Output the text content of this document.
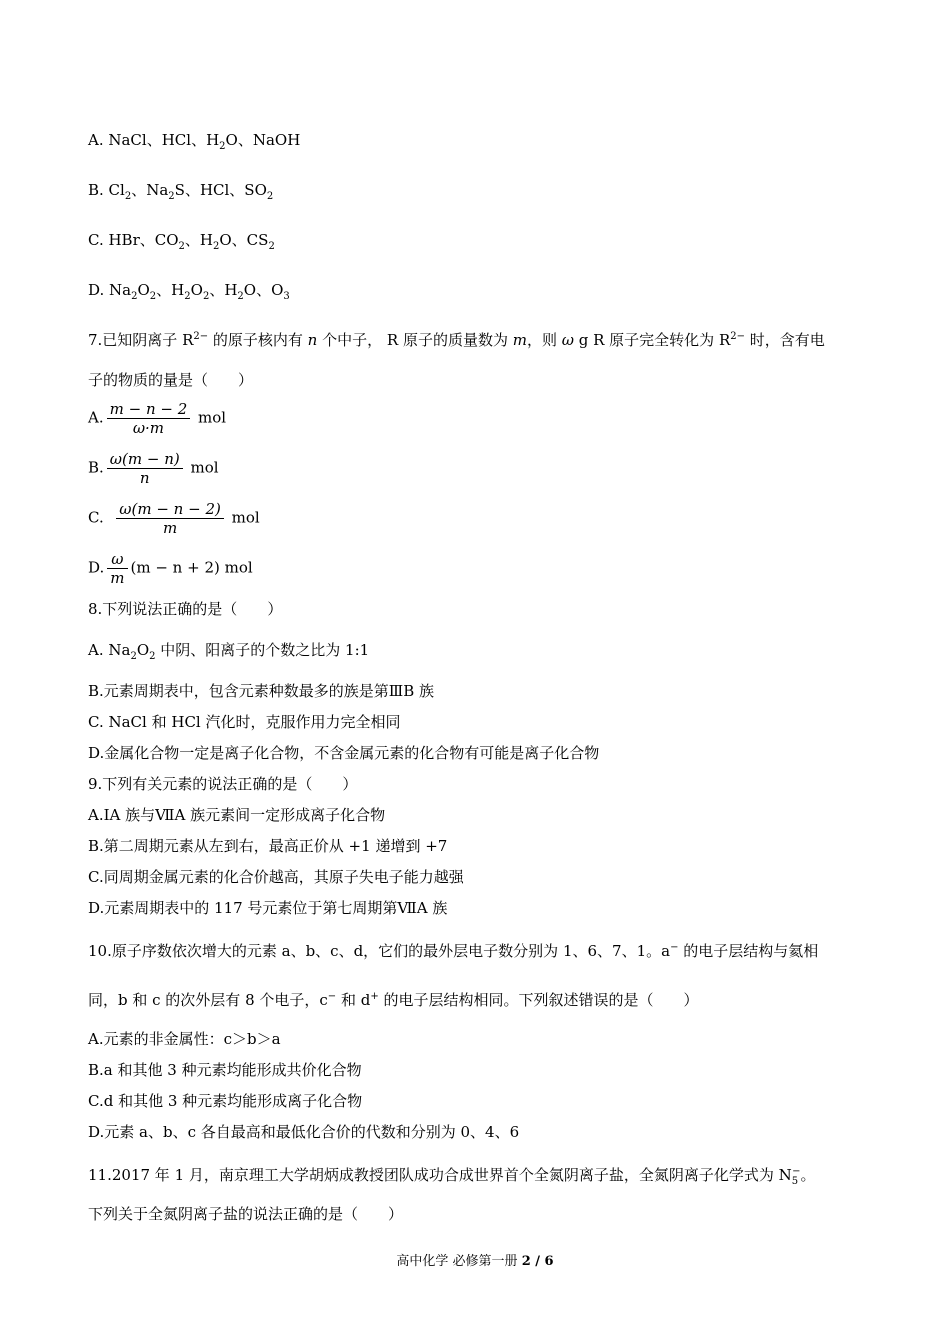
A. NaCl、HCl、$H_2O$、NaOH
B. $Cl_2$、$Na_2S$、HCl、$SO_2$
C. HBr、$CO_2$、$H_2O$、$CS_2$
D. $Na_2O_2$、$H_2O_2$、$H_2O$、$O_3$
7.已知阴离子 $R^{2-}$ 的原子核内有 n 个中子， R 原子的质量数为 m，则 ω g R 原子完全转化为 $R^{2-}$ 时，含有电
子的物质的量是（　　）
A. $\frac{m - n - 2}{\omega\cdot m}$ mol
B. $\frac{\omega(m - n)}{n}$ mol
C. $\frac{\omega(m - n - 2)}{m}$ mol
D. $\frac{\omega}{m} (m - n + 2)$ mol
8.下列说法正确的是（　　）
A. $Na_2O_2$ 中阴、阳离子的个数之比为 1:1
B.元素周期表中，包含元素种数最多的族是第ⅢB 族
C. NaCl 和 HCl 汽化时，克服作用力完全相同
D.金属化合物一定是离子化合物，不含金属元素的化合物有可能是离子化合物
9.下列有关元素的说法正确的是（　　）
A.ⅠA 族与ⅦA 族元素间一定形成离子化合物
B.第二周期元素从左到右，最高正价从 +1 递增到 +7
C.同周期金属元素的化合价越高，其原子失电子能力越强
D.元素周期表中的 117 号元素位于第七周期第ⅦA 族
10.原子序数依次增大的元素 a、b、c、d，它们的最外层电子数分别为 1、6、7、1。a− 的电子层结构与氦相
同，b 和 c 的次外层有 8 个电子，c− 和 d+ 的电子层结构相同。下列叙述错误的是（　　）
A.元素的非金属性：c＞b＞a
B.a 和其他 3 种元素均能形成共价化合物
C.d 和其他 3 种元素均能形成离子化合物
D.元素 a、b、c 各自最高和最低化合价的代数和分别为 0、4、6
11.2017 年 1 月，南京理工大学胡炳成教授团队成功合成世界首个全氮阴离子盐，全氮阴离子化学式为 $N_5^-$。
下列关于全氮阴离子盐的说法正确的是（　　）
高中化学 必修第一册 2 / 6
